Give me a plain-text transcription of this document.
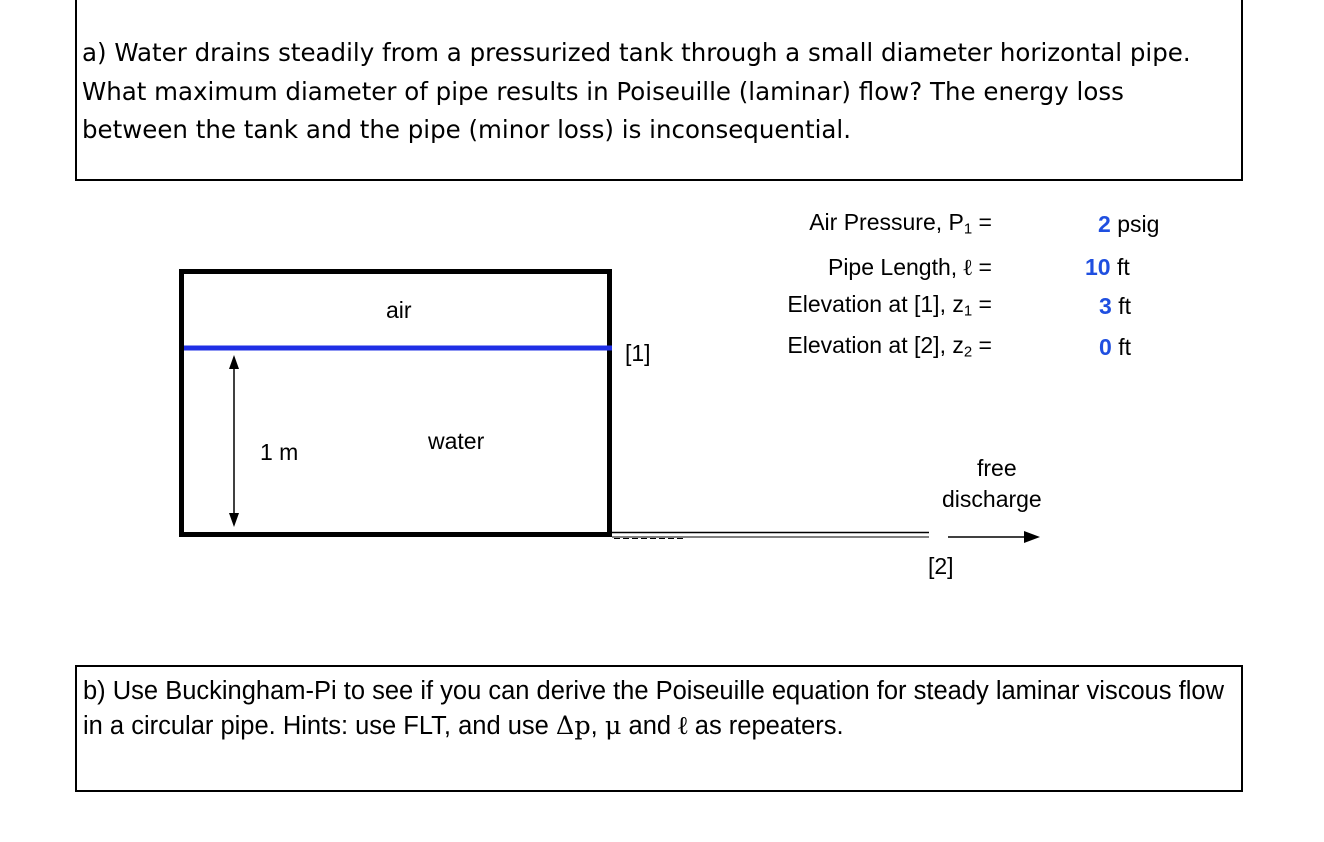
a) Water drains steadily from a pressurized tank through a small diameter horizontal pipe. What maximum diameter of pipe results in Poiseuille (laminar) flow? The energy loss between the tank and the pipe (minor loss) is inconsequential.

air
water
1 m
[1]
[2]
free
discharge
Air Pressure, $P_1$ =
Pipe Length, ℓ =
Elevation at [1], $z_1$ =
Elevation at [2], $z_2$ =
2 psig
10 ft
3 ft
0 ft

b) Use Buckingham-Pi to see if you can derive the Poiseuille equation for steady laminar viscous flow in a circular pipe. Hints: use FLT, and use Δp, μ and ℓ as repeaters.
